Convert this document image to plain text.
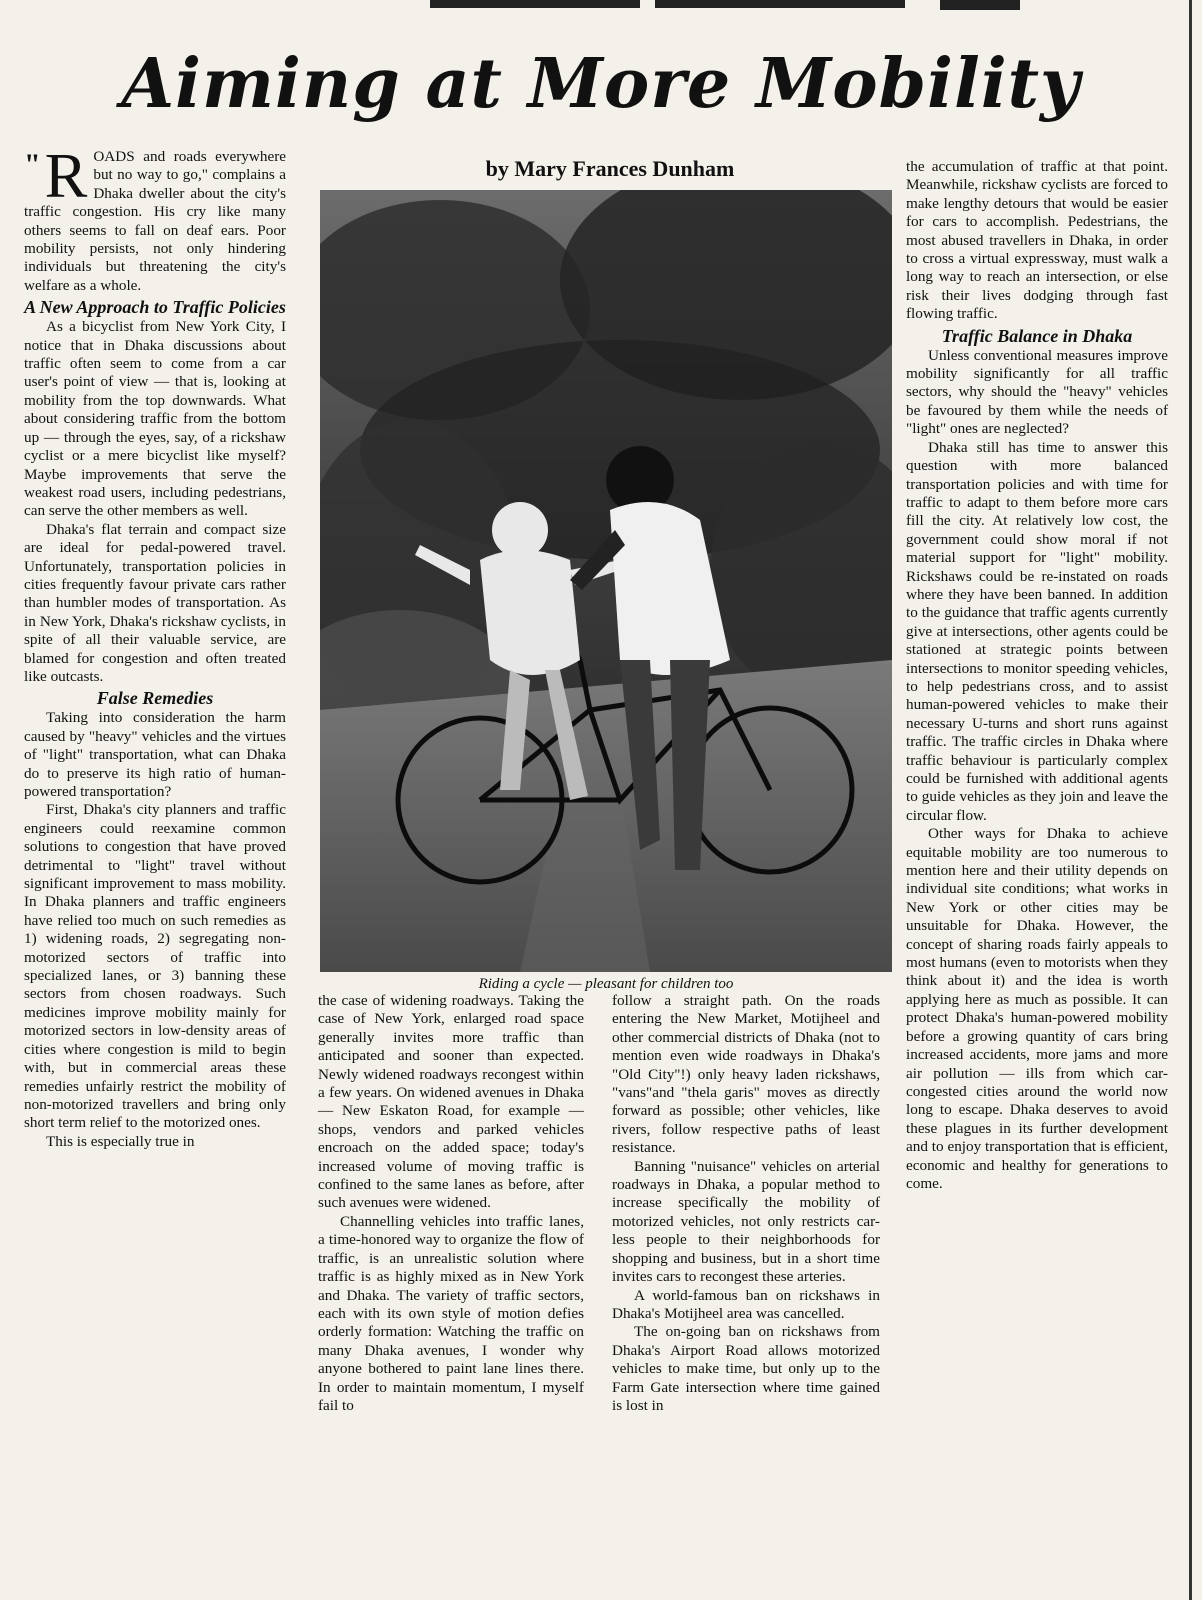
Aiming at More Mobility
by Mary Frances Dunham

" R OADS and roads everywhere but no way to go," complains a Dhaka dweller about the city's traffic congestion. His cry like many others seems to fall on deaf ears. Poor mobility persists, not only hindering individuals but threatening the city's welfare as a whole.

A New Approach to Traffic Policies

As a bicyclist from New York City, I notice that in Dhaka discussions about traffic often seem to come from a car user's point of view — that is, looking at mobility from the top downwards. What about considering traffic from the bottom up — through the eyes, say, of a rickshaw cyclist or a mere bicyclist like myself? Maybe improvements that serve the weakest road users, including pedestrians, can serve the other members as well.

Dhaka's flat terrain and compact size are ideal for pedal-powered travel. Unfortunately, transportation policies in cities frequently favour private cars rather than humbler modes of transportation. As in New York, Dhaka's rickshaw cyclists, in spite of all their valuable service, are blamed for congestion and often treated like outcasts.

False Remedies

Taking into consideration the harm caused by "heavy" vehicles and the virtues of "light" transportation, what can Dhaka do to preserve its high ratio of human-powered transportation?

First, Dhaka's city planners and traffic engineers could reexamine common solutions to congestion that have proved detrimental to "light" travel without significant improvement to mass mobility. In Dhaka planners and traffic engineers have relied too much on such remedies as 1) widening roads, 2) segregating non-motorized sectors of traffic into specialized lanes, or 3) banning these sectors from chosen roadways. Such medicines improve mobility mainly for motorized sectors in low-density areas of cities where congestion is mild to begin with, but in commercial areas these remedies unfairly restrict the mobility of non-motorized travellers and bring only short term relief to the motorized ones.

This is especially true in

Riding a cycle — pleasant for children too

the case of widening roadways. Taking the case of New York, enlarged road space generally invites more traffic than anticipated and sooner than expected. Newly widened roadways recongest within a few years. On widened avenues in Dhaka — New Eskaton Road, for example — shops, vendors and parked vehicles encroach on the added space; today's increased volume of moving traffic is confined to the same lanes as before, after such avenues were widened.

Channelling vehicles into traffic lanes, a time-honored way to organize the flow of traffic, is an unrealistic solution where traffic is as highly mixed as in New York and Dhaka. The variety of traffic sectors, each with its own style of motion defies orderly formation: Watching the traffic on many Dhaka avenues, I wonder why anyone bothered to paint lane lines there. In order to maintain momentum, I myself fail to

follow a straight path. On the roads entering the New Market, Motijheel and other commercial districts of Dhaka (not to mention even wide roadways in Dhaka's "Old City"!) only heavy laden rickshaws, "vans"and "thela garis" moves as directly forward as possible; other vehicles, like rivers, follow respective paths of least resistance.

Banning "nuisance" vehicles on arterial roadways in Dhaka, a popular method to increase specifically the mobility of motorized vehicles, not only restricts car-less people to their neighborhoods for shopping and business, but in a short time invites cars to recongest these arteries.

A world-famous ban on rickshaws in Dhaka's Motijheel area was cancelled.

The on-going ban on rickshaws from Dhaka's Airport Road allows motorized vehicles to make time, but only up to the Farm Gate intersection where time gained is lost in

the accumulation of traffic at that point. Meanwhile, rickshaw cyclists are forced to make lengthy detours that would be easier for cars to accomplish. Pedestrians, the most abused travellers in Dhaka, in order to cross a virtual expressway, must walk a long way to reach an intersection, or else risk their lives dodging through fast flowing traffic.

Traffic Balance in Dhaka

Unless conventional measures improve mobility significantly for all traffic sectors, why should the "heavy" vehicles be favoured by them while the needs of "light" ones are neglected?

Dhaka still has time to answer this question with more balanced transportation policies and with time for traffic to adapt to them before more cars fill the city. At relatively low cost, the government could show moral if not material support for "light" mobility. Rickshaws could be re-instated on roads where they have been banned. In addition to the guidance that traffic agents currently give at intersections, other agents could be stationed at strategic points between intersections to monitor speeding vehicles, to help pedestrians cross, and to assist human-powered vehicles to make their necessary U-turns and short runs against traffic. The traffic circles in Dhaka where traffic behaviour is particularly complex could be furnished with additional agents to guide vehicles as they join and leave the circular flow.

Other ways for Dhaka to achieve equitable mobility are too numerous to mention here and their utility depends on individual site conditions; what works in New York or other cities may be unsuitable for Dhaka. However, the concept of sharing roads fairly appeals to most humans (even to motorists when they think about it) and the idea is worth applying here as much as possible. It can protect Dhaka's human-powered mobility before a growing quantity of cars bring increased accidents, more jams and more air pollution — ills from which car-congested cities around the world now long to escape. Dhaka deserves to avoid these plagues in its further development and to enjoy transportation that is efficient, economic and healthy for generations to come.
